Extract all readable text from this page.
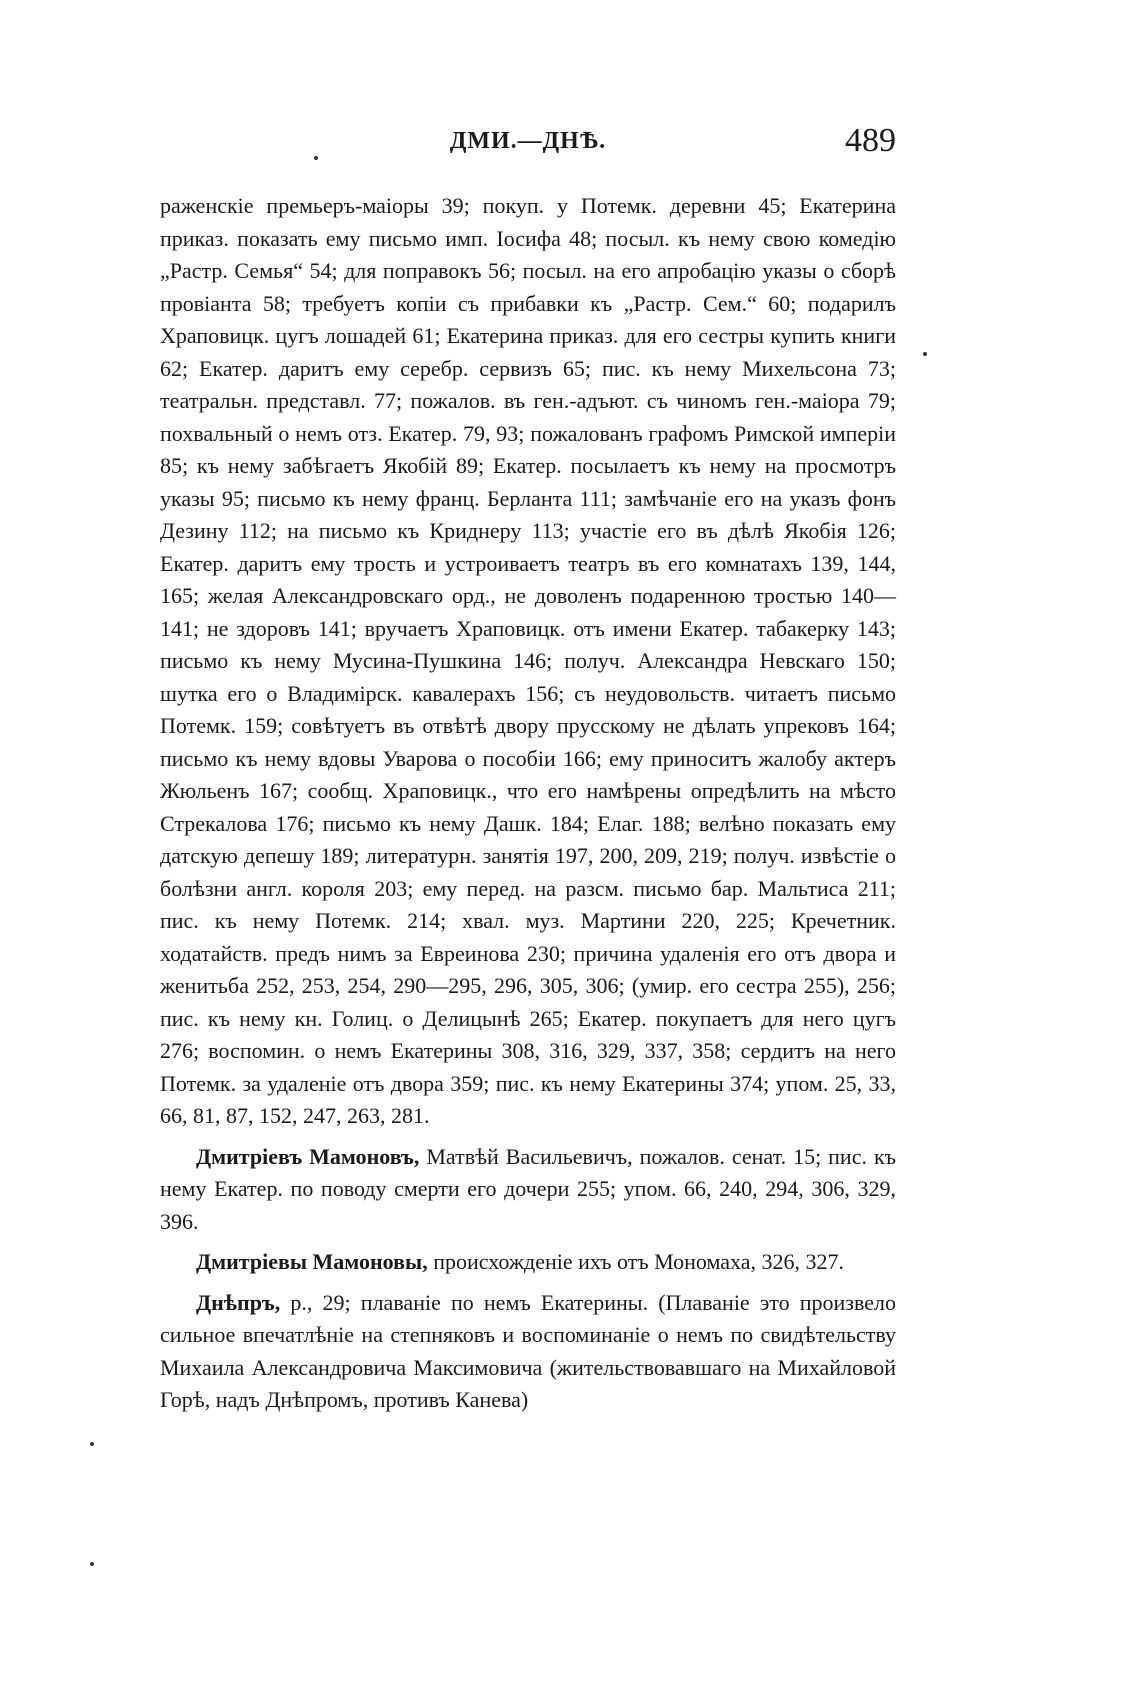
ДМИ.—ДНѢ.	489

раженскіе премьеръ-маіоры 39; покуп. у Потемк. деревни 45; Екатерина приказ. показать ему письмо имп. Іосифа 48; посыл. къ нему свою комедію „Растр. Семья“ 54; для поправокъ 56; посыл. на его апробацію указы о сборѣ провіанта 58; требуетъ копіи съ прибавки къ „Растр. Сем.“ 60; подарилъ Храповицк. цугъ лошадей 61; Екатерина приказ. для его сестры купить книги 62; Екатер. даритъ ему серебр. сервизъ 65; пис. къ нему Михельсона 73; театральн. представл. 77; пожалов. въ ген.-адъют. съ чиномъ ген.-маіора 79; похвальный о немъ отз. Екатер. 79, 93; пожалованъ графомъ Римской имперіи 85; къ нему забѣгаетъ Якобій 89; Екатер. посылаетъ къ нему на просмотръ указы 95; письмо къ нему франц. Берланта 111; замѣчаніе его на указъ фонъ Дезину 112; на письмо къ Криднеру 113; участіе его въ дѣлѣ Якобія 126; Екатер. даритъ ему трость и устроиваетъ театръ въ его комнатахъ 139, 144, 165; желая Александровскаго орд., не доволенъ подаренною тростью 140—141; не здоровъ 141; вручаетъ Храповицк. отъ имени Екатер. табакерку 143; письмо къ нему Мусина-Пушкина 146; получ. Александра Невскаго 150; шутка его о Владимірск. кавалерахъ 156; съ неудовольств. читаетъ письмо Потемк. 159; совѣтуетъ въ отвѣтѣ двору прусскому не дѣлать упрековъ 164; письмо къ нему вдовы Уварова о пособіи 166; ему приноситъ жалобу актеръ Жюльенъ 167; сообщ. Храповицк., что его намѣрены опредѣлить на мѣсто Стрекалова 176; письмо къ нему Дашк. 184; Елаг. 188; велѣно показать ему датскую депешу 189; литературн. занятія 197, 200, 209, 219; получ. извѣстіе о болѣзни англ. короля 203; ему перед. на разсм. письмо бар. Мальтиса 211; пис. къ нему Потемк. 214; хвал. муз. Мартини 220, 225; Кречетник. ходатайств. предъ нимъ за Евреинова 230; причина удаленія его отъ двора и женитьба 252, 253, 254, 290—295, 296, 305, 306; (умир. его сестра 255), 256; пис. къ нему кн. Голиц. о Делицынѣ 265; Екатер. покупаетъ для него цугъ 276; воспомин. о немъ Екатерины 308, 316, 329, 337, 358; сердитъ на него Потемк. за удаленіе отъ двора 359; пис. къ нему Екатерины 374; упом. 25, 33, 66, 81, 87, 152, 247, 263, 281.

Дмитріевъ Мамоновъ, Матвѣй Васильевичъ, пожалов. сенат. 15; пис. къ нему Екатер. по поводу смерти его дочери 255; упом. 66, 240, 294, 306, 329, 396.

Дмитріевы Мамоновы, происхожденіе ихъ отъ Мономаха, 326, 327.

Днѣпръ, р., 29; плаваніе по немъ Екатерины. (Плаваніе это произвело сильное впечатлѣніе на степняковъ и воспоминаніе о немъ по свидѣтельству Михаила Александровича Максимовича (жительствовавшаго на Михайловой Горѣ, надъ Днѣпромъ, противъ Канева)
